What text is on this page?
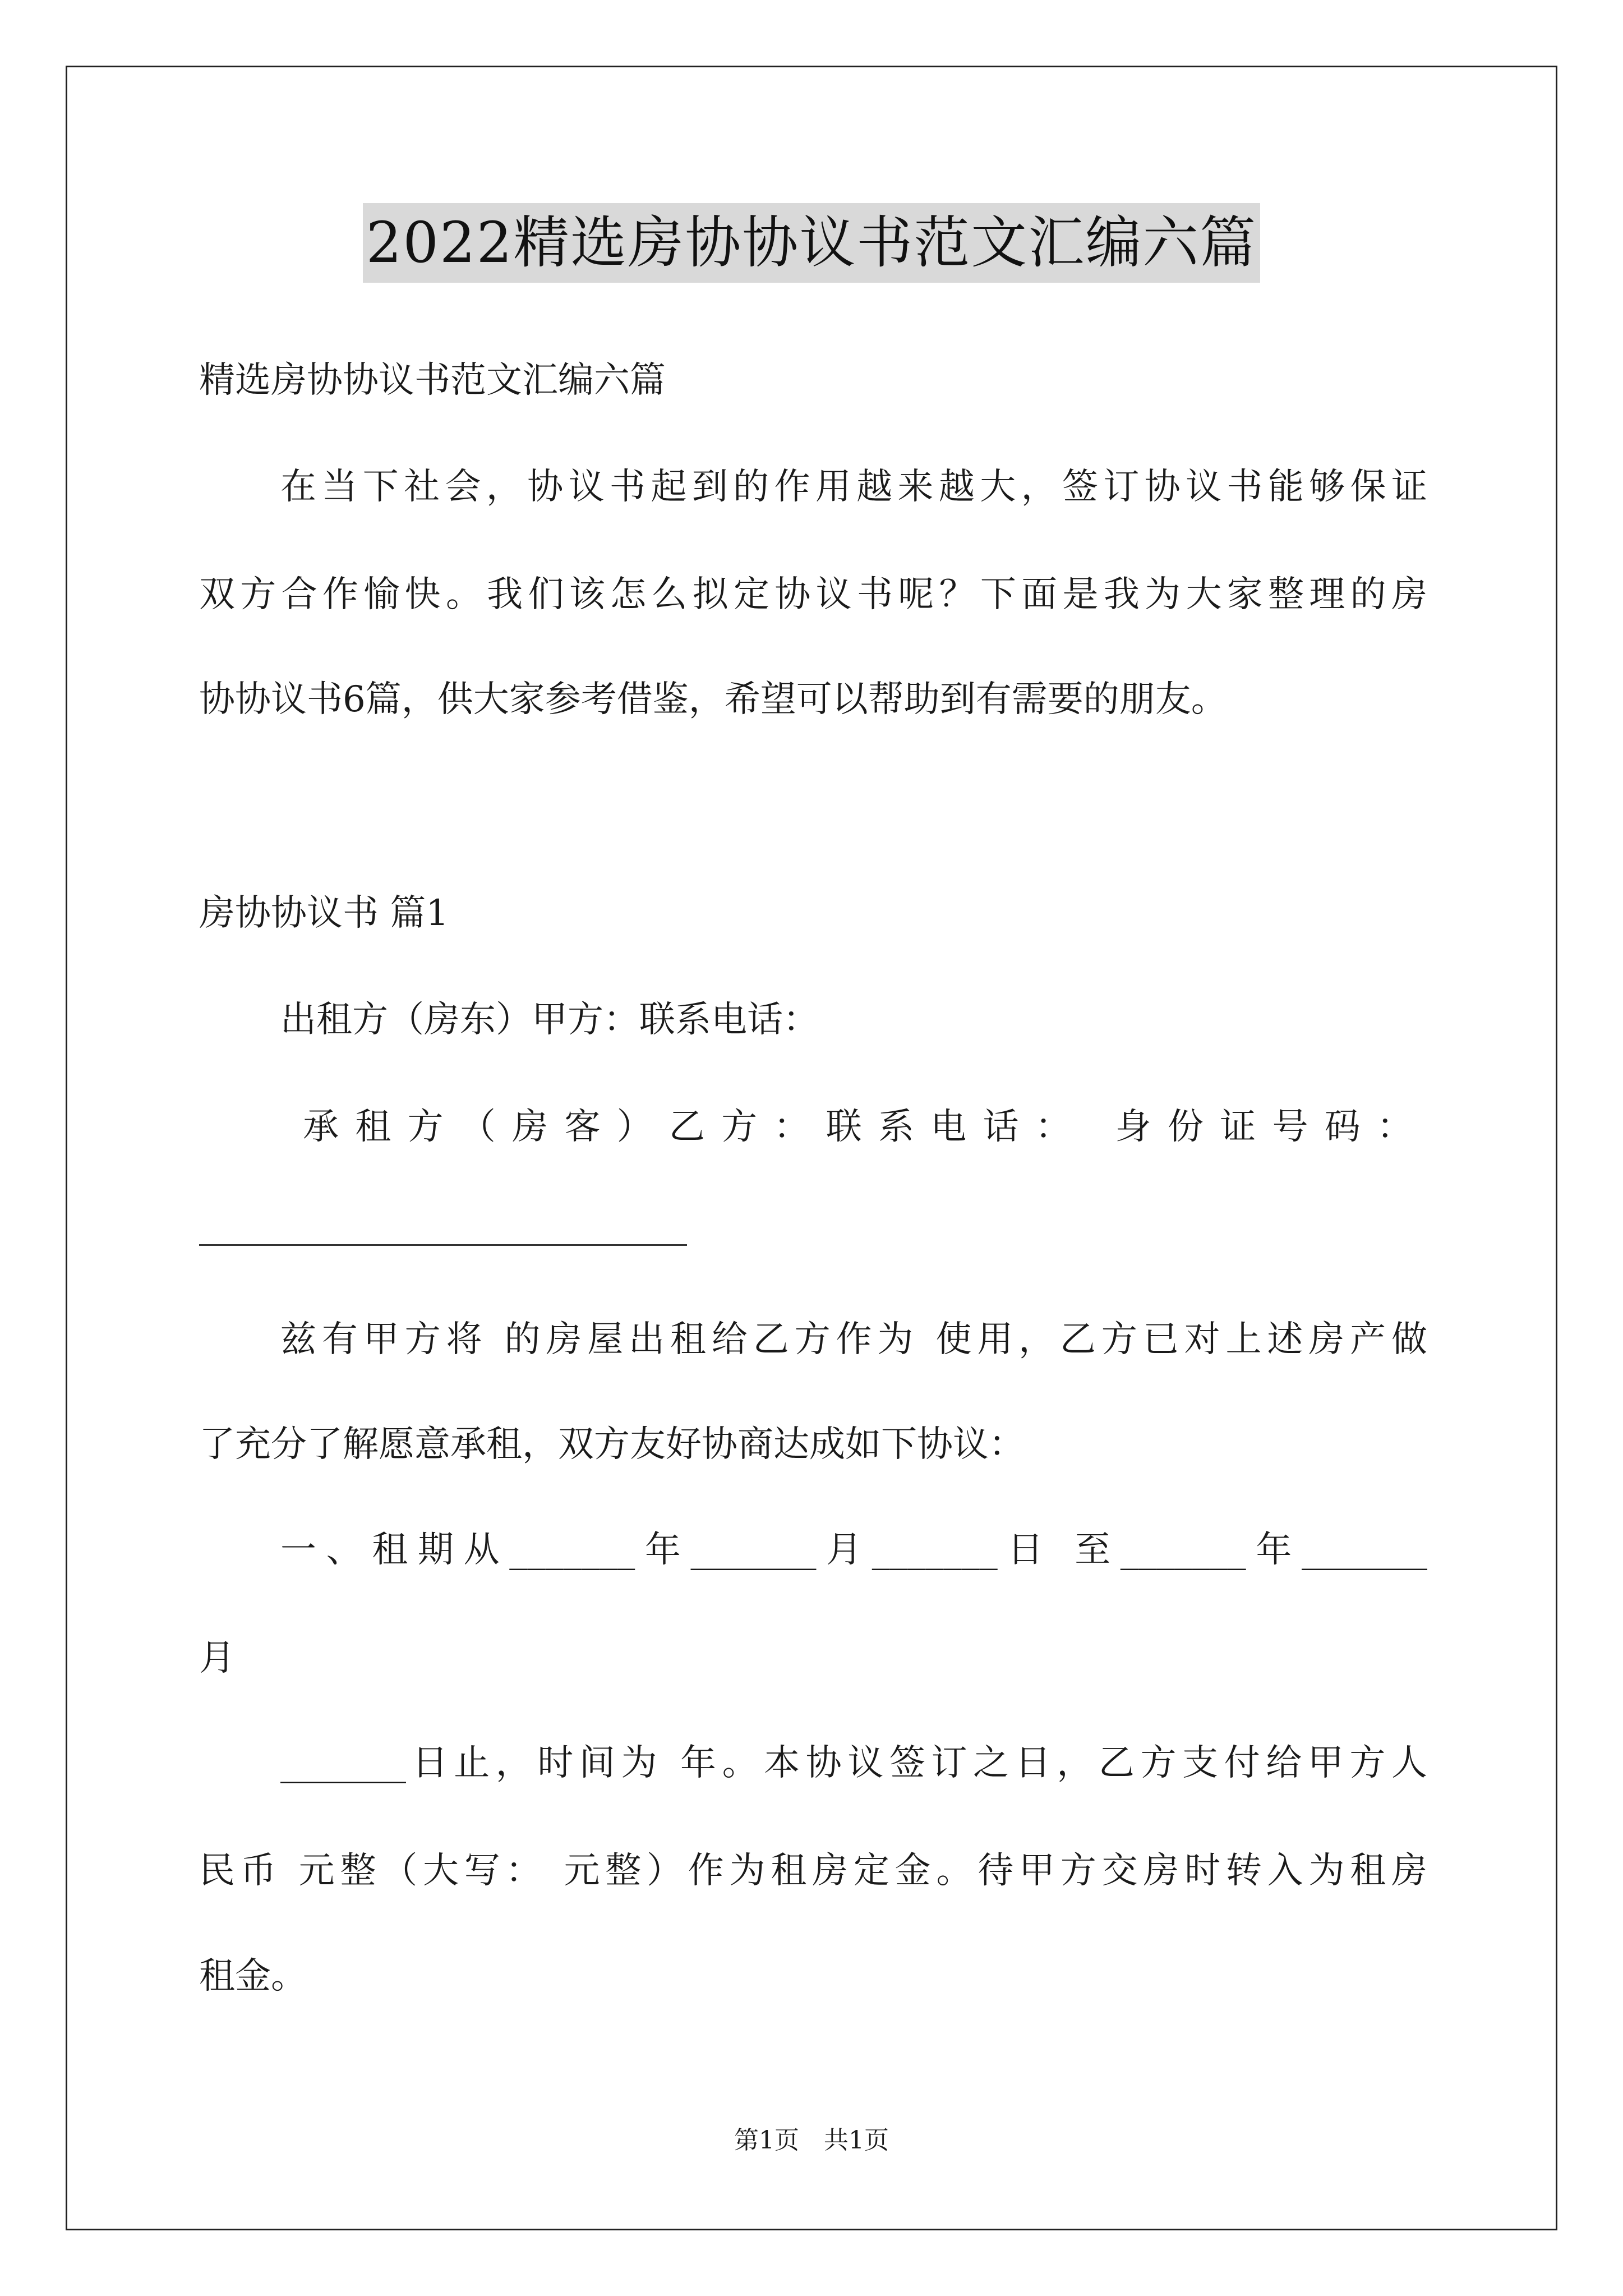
2022精选房协协议书范文汇编六篇
精选房协协议书范文汇编六篇
在当下社会，协议书起到的作用越来越大，签订协议书能够保证
双方合作愉快。我们该怎么拟定协议书呢？下面是我为大家整理的房
协协议书6篇，供大家参考借鉴，希望可以帮助到有需要的朋友。
房协协议书 篇1
出租方（房东）甲方：联系电话：
承租方（房客）乙方：联系电话： 身份证号码：
兹有甲方将 的房屋出租给乙方作为 使用，乙方已对上述房产做
了充分了解愿意承租，双方友好协商达成如下协议：
一、租期从_______年_______月_______日 至_______年_______
月
_______日止，时间为 年。本协议签订之日，乙方支付给甲方人
民币 元整（大写： 元整）作为租房定金。待甲方交房时转入为租房
租金。
第1页　共1页
